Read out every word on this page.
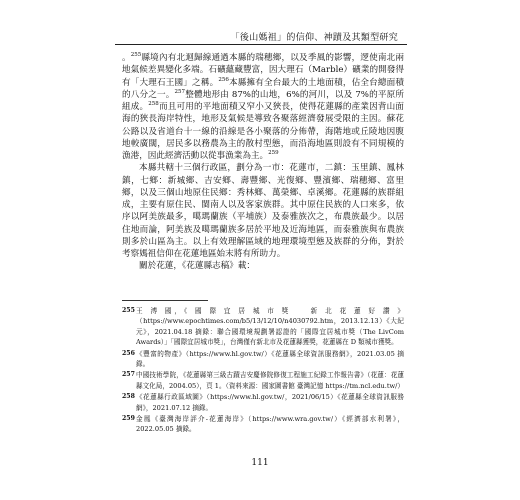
「後山媽祖」的信仰、神蹟及其類型研究

。$^{255}$縣境內有北迴歸線通過本縣的瑞穗鄉，以及季風的影響，逻使南北兩地氣候差異變化多端。石礦蘊藏豐富，因大理石（Marble）礦業的開發得有「大理石王國」之稱。$^{256}$本縣擁有全台最大的土地面積，佔全台總面積的八分之一。$^{257}$整體地形由 87%的山地，6%的河川，以及 7%的平原所組成。$^{258}$而且可用的平地面積又窄小又狹長，使得花蓮縣的產業因背山面海的狹長海岸特性，地形及氣候是導致各聚落經濟發展受限的主因。蘇花公路以及省道台十一線的沿線是各小聚落的分佈帶，海階地或丘陵地因腹地較廣闊，居民多以務農為主的散村型態，而沿海地區則設有不同規模的漁港，因此經濟活動以從事漁業為主。$^{259}$

本縣共轄十三個行政區，劃分為一市：花蓮市，二鎮：玉里鎮、鳳林鎮，七鄉：新城鄉、吉安鄉、壽豐鄉、光復鄉、豐濱鄉、瑞穗鄉、富里鄉，以及三個山地原住民鄉：秀林鄉、萬榮鄉、卓溪鄉。花蓮縣的族群組成，主要有原住民、閩南人以及客家族群。其中原住民族的人口來多，依序以阿美族最多，噶瑪蘭族（平埔族）及泰雅族次之，布農族最少。以居住地而論，阿美族及噶瑪蘭族多居於平地及近海地區，而泰雅族與布農族則多於山區為主。以上有效理解區域的地理環境型態及族群的分佈，對於考察媽祖信仰在花蓮地區始末將有所助力。

關於花蓮，《花蓮縣志稿》載：

255 王 溥 國，《 國 際 宜 居 城 市 獎 　 新 北 花 蓮 好 讚 》（https://www.epochtimes.com/b5/13/12/10/n4030792.htm，2013.12.13）《大紀元》，2021.04.18 摘錄：聯合國環境規劃署認證的「國際宜居城市獎（The LivCom Awards）」「國際宜居城市獎」，台灣僅有新北市及花蓮縣獲獎，花蓮縣在 D 類城市獲獎。
256 《豐富的物產》（https://www.hl.gov.tw/）《花蓮縣全球資訊服務網》，2021.03.05 摘錄。
257 中國技術學院，《花蓮縣第三級古蹟吉安慶修院修復工程施工紀錄工作報告書》（花蓮：花蓮縣文化局，2004.05），頁 1。（資料來源：國家圖書館 臺灣記憶 https://tm.ncl.edu.tw/）
258 《花蓮縣行政區域圖》（https://www.hl.gov.tw/，2021/06/15）《花蓮縣全球資訊服務網》，2021.07.12 摘錄。
259 金鳳《臺灣海岸評介-花蓮海岸》（https://www.wra.gov.tw/）《經濟部水利署》，2022.05.05 摘錄。
111
